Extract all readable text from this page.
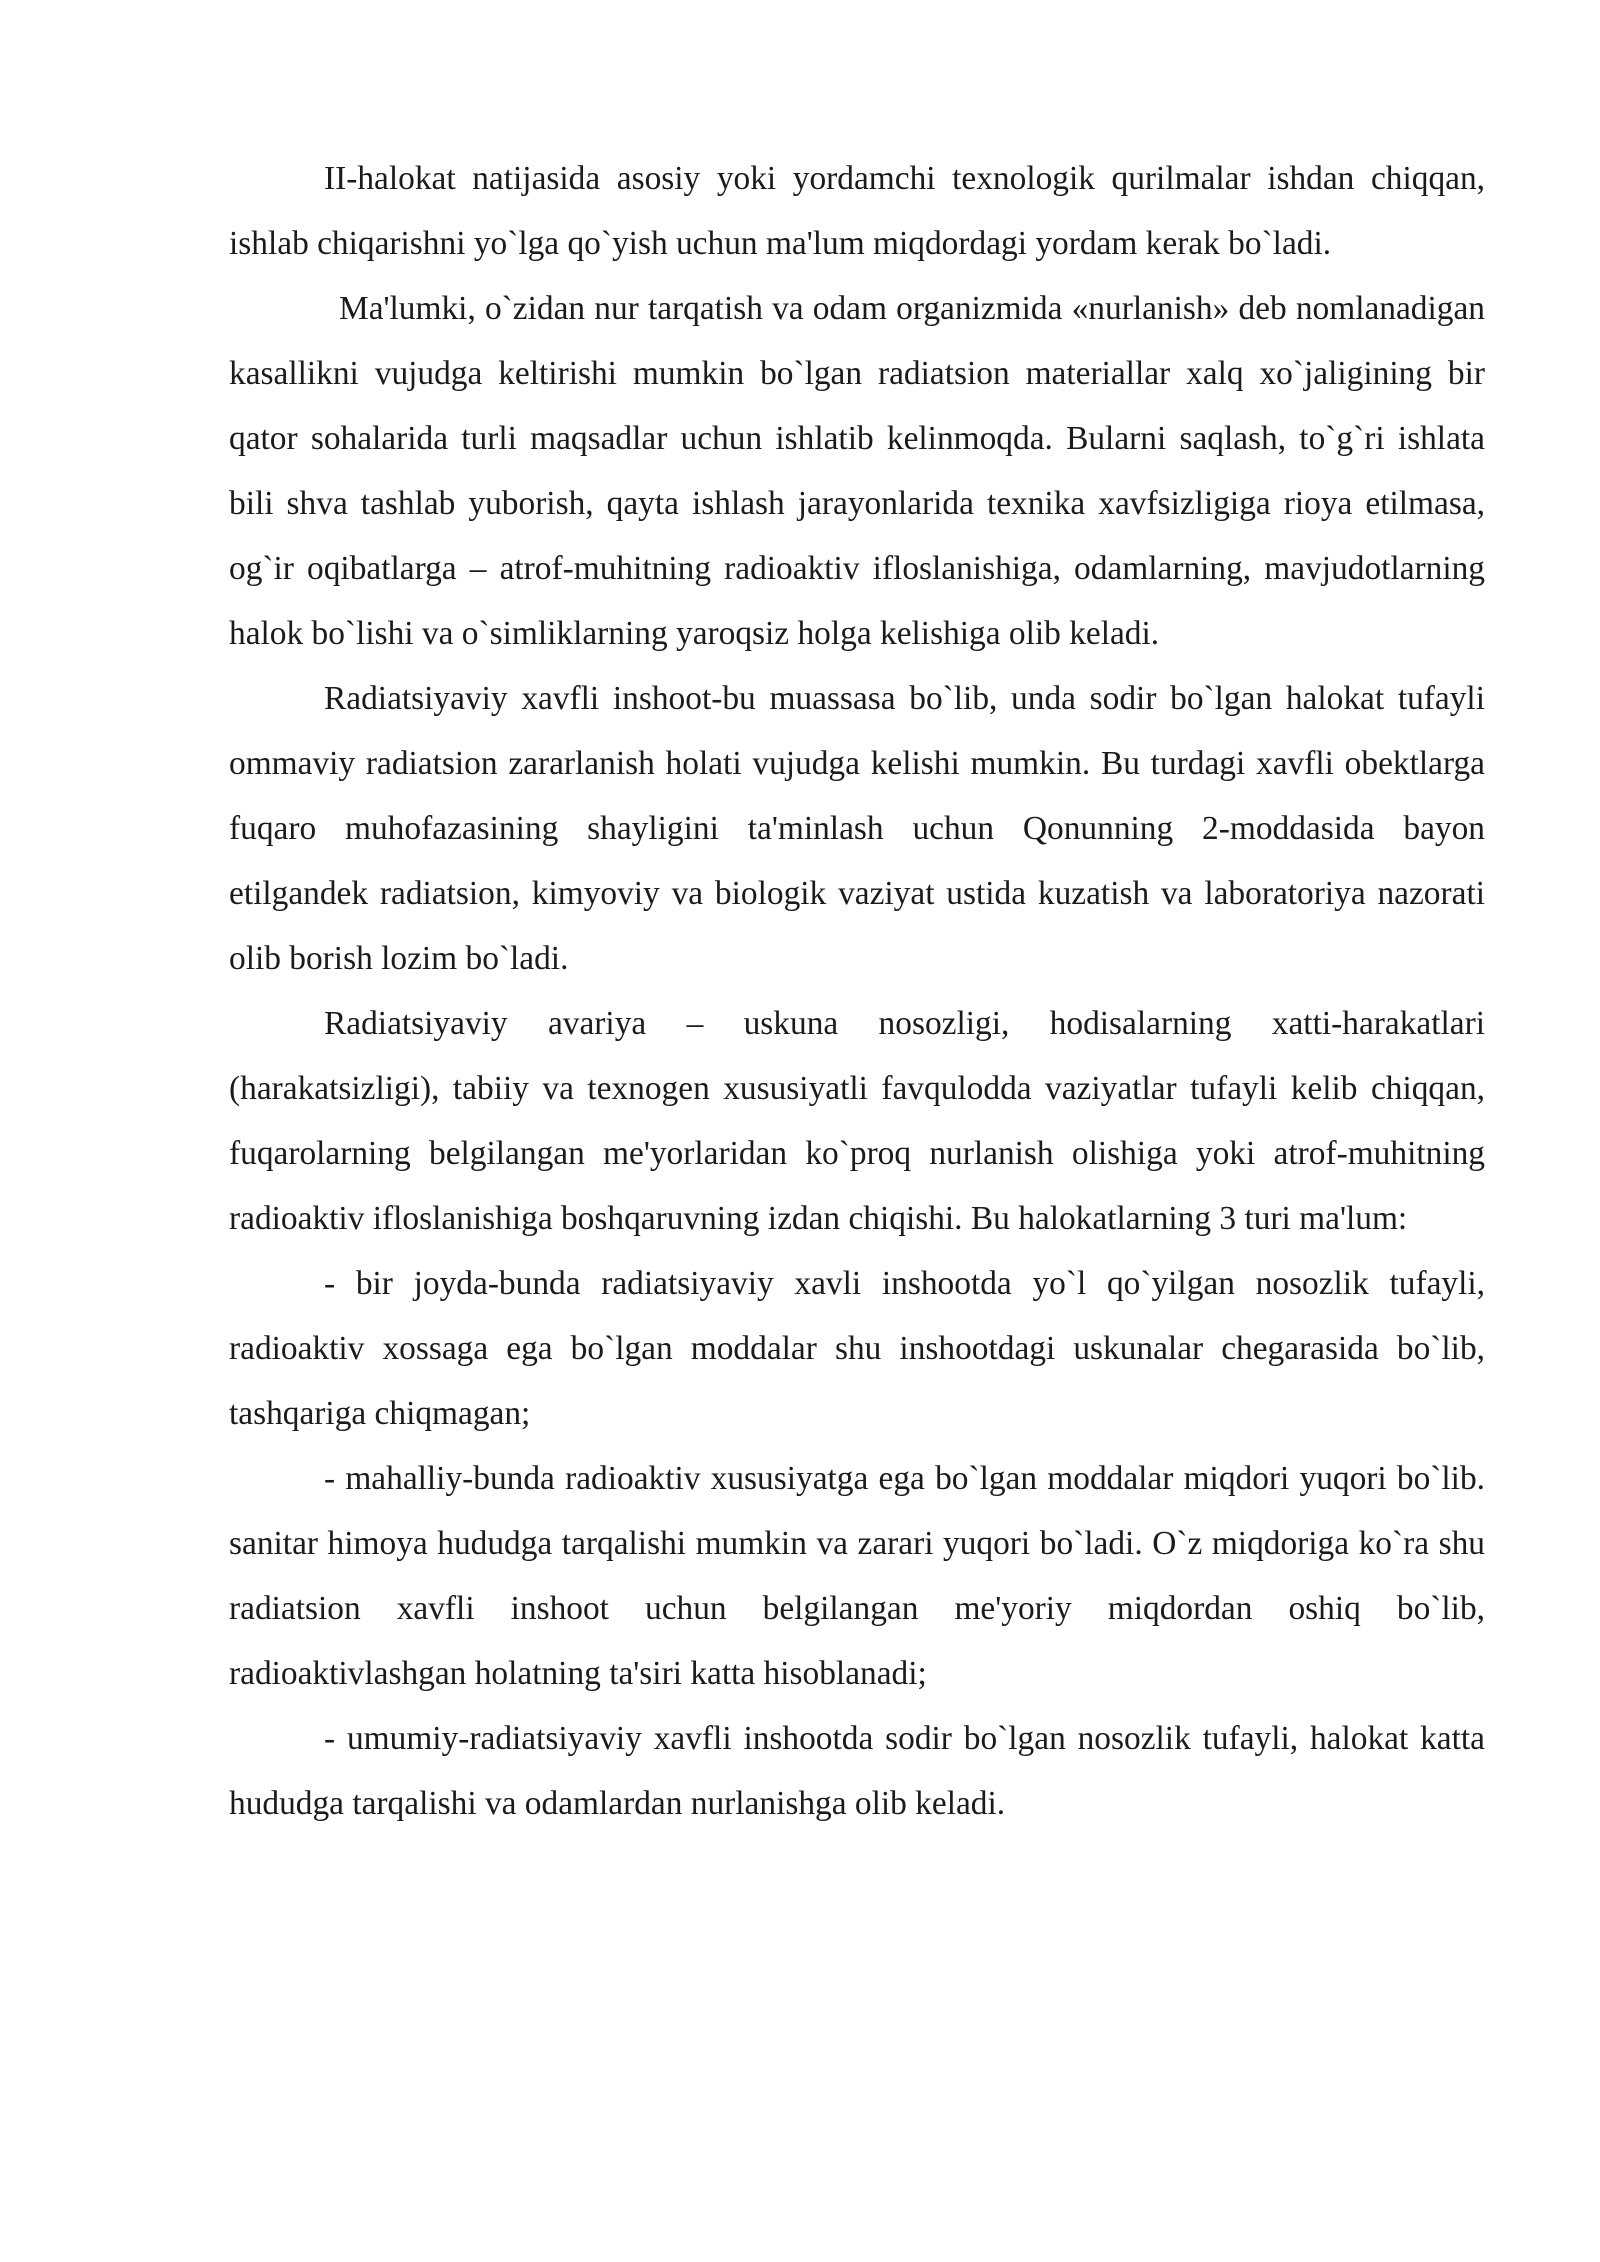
II-halokat natijasida asosiy yoki yordamchi texnologik qurilmalar ishdan chiqqan, ishlab chiqarishni yo`lga qo`yish uchun ma'lum miqdordagi yordam kerak bo`ladi.

Ma'lumki, o`zidan nur tarqatish va odam organizmida «nurlanish» deb nomlanadigan kasallikni vujudga keltirishi mumkin bo`lgan radiatsion materiallar xalq xo`jaligining bir qator sohalarida turli maqsadlar uchun ishlatib kelinmoqda. Bularni saqlash, to`g`ri ishlata bili shva tashlab yuborish, qayta ishlash jarayonlarida texnika xavfsizligiga rioya etilmasa, og`ir oqibatlarga – atrof-muhitning radioaktiv ifloslanishiga, odamlarning, mavjudotlarning halok bo`lishi va o`simliklarning yaroqsiz holga kelishiga olib keladi.

Radiatsiyaviy xavfli inshoot-bu muassasa bo`lib, unda sodir bo`lgan halokat tufayli ommaviy radiatsion zararlanish holati vujudga kelishi mumkin. Bu turdagi xavfli obektlarga fuqaro muhofazasining shayligini ta'minlash uchun Qonunning 2-moddasida bayon etilgandek radiatsion, kimyoviy va biologik vaziyat ustida kuzatish va laboratoriya nazorati olib borish lozim bo`ladi.

Radiatsiyaviy avariya – uskuna nosozligi, hodisalarning xatti-harakatlari (harakatsizligi), tabiiy va texnogen xususiyatli favqulodda vaziyatlar tufayli kelib chiqqan, fuqarolarning belgilangan me'yorlaridan ko`proq nurlanish olishiga yoki atrof-muhitning radioaktiv ifloslanishiga boshqaruvning izdan chiqishi. Bu halokatlarning 3 turi ma'lum:

- bir joyda-bunda radiatsiyaviy xavli inshootda yo`l qo`yilgan nosozlik tufayli, radioaktiv xossaga ega bo`lgan moddalar shu inshootdagi uskunalar chegarasida bo`lib, tashqariga chiqmagan;

- mahalliy-bunda radioaktiv xususiyatga ega bo`lgan moddalar miqdori yuqori bo`lib. sanitar himoya hududga tarqalishi mumkin va zarari yuqori bo`ladi. O`z miqdoriga ko`ra shu radiatsion xavfli inshoot uchun belgilangan me'yoriy miqdordan oshiq bo`lib, radioaktivlashgan holatning ta'siri katta hisoblanadi;

- umumiy-radiatsiyaviy xavfli inshootda sodir bo`lgan nosozlik tufayli, halokat katta hududga tarqalishi va odamlardan nurlanishga olib keladi.
